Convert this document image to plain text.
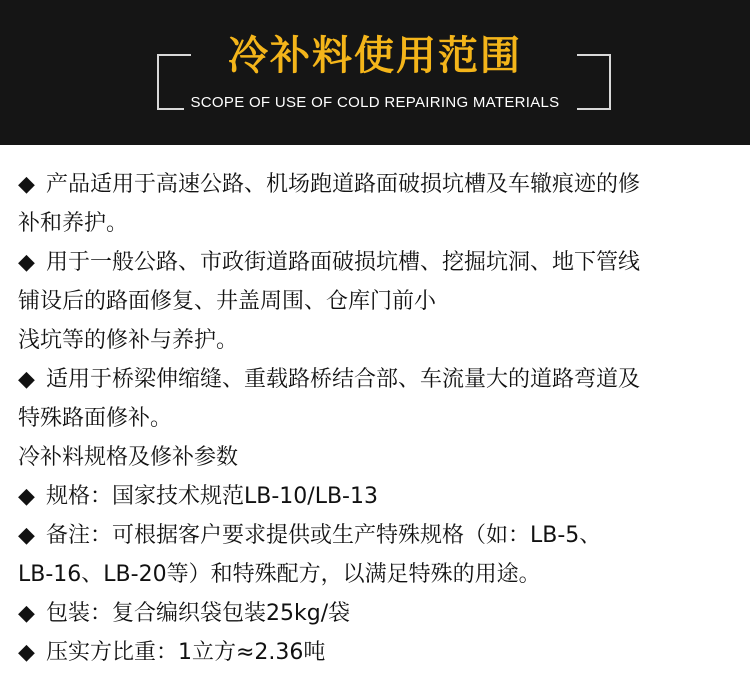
冷补料使用范围
SCOPE OF USE OF COLD REPAIRING MATERIALS
◆ 产品适用于高速公路、机场跑道路面破损坑槽及车辙痕迹的修
补和养护。
◆ 用于一般公路、市政街道路面破损坑槽、挖掘坑洞、地下管线
铺设后的路面修复、井盖周围、仓库门前小
浅坑等的修补与养护。
◆ 适用于桥梁伸缩缝、重载路桥结合部、车流量大的道路弯道及
特殊路面修补。
冷补料规格及修补参数
◆ 规格：国家技术规范LB-10/LB-13
◆ 备注：可根据客户要求提供或生产特殊规格（如：LB-5、
LB-16、LB-20等）和特殊配方，以满足特殊的用途。
◆ 包装：复合编织袋包装25kg/袋
◆ 压实方比重：1立方≈2.36吨
